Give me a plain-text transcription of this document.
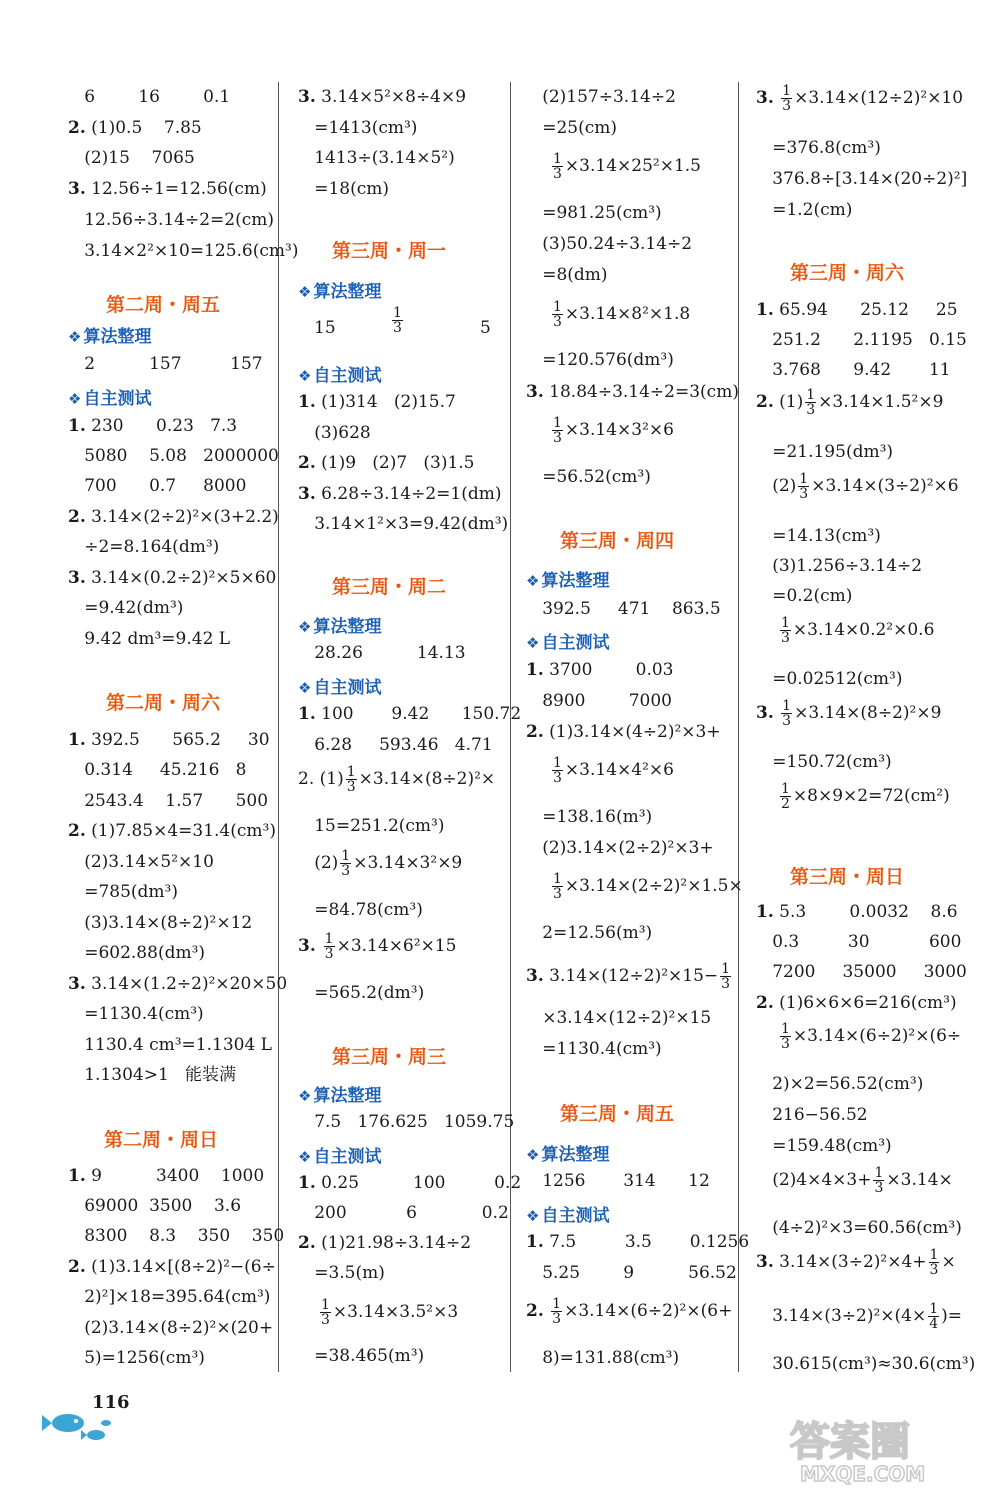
6        16        0.1
2. (1)0.5    7.85
(2)15    7065
3. 12.56÷1=12.56(cm)
12.56÷3.14÷2=2(cm)
3.14×2²×10=125.6(cm³)
第二周・周五
❖ 算法整理
2          157         157
❖ 自主测试
1. 230      0.23   7.3
5080    5.08   2000000
700      0.7     8000
2. 3.14×(2÷2)²×(3+2.2)
÷2=8.164(dm³)
3. 3.14×(0.2÷2)²×5×60
=9.42(dm³)
9.42 dm³=9.42 L
第二周・周六
1. 392.5      565.2     30
0.314     45.216   8
2543.4    1.57      500
2. (1)7.85×4=31.4(cm³)
(2)3.14×5²×10
=785(dm³)
(3)3.14×(8÷2)²×12
=602.88(dm³)
3. 3.14×(1.2÷2)²×20×50
=1130.4(cm³)
1130.4 cm³=1.1304 L
1.1304>1   能装满
第二周・周日
1. 9          3400    1000
69000  3500    3.6
8300    8.3    350    350
2. (1)3.14×[(8÷2)²−(6÷
2)²]×18=395.64(cm³)
(2)3.14×(8÷2)²×(20+
5)=1256(cm³)
3. 3.14×5²×8÷4×9
=1413(cm³)
1413÷(3.14×5²)
=18(cm)
第三周・周一
❖ 算法整理
15	$\frac{1}{3}$	5
❖ 自主测试
1. (1)314   (2)15.7
(3)628
2. (1)9   (2)7   (3)1.5
3. 6.28÷3.14÷2=1(dm)
3.14×1²×3=9.42(dm³)
第三周・周二
❖ 算法整理
28.26          14.13
❖ 自主测试
1. 100       9.42      150.72
6.28     593.46   4.71
2. $(1) \frac{1}{3} \times 3.14\times(8\div 2)^2\times$
15=251.2(cm³)
$(2) \frac{1}{3} \times 3.14\times 3^2\times 9$
=84.78(cm³)
3. $\frac{1}{3} \times 3.14\times 6^2\times 15$
=565.2(dm³)
第三周・周三
❖ 算法整理
7.5   176.625   1059.75
❖ 自主测试
1. 0.25          100         0.2
200           6            0.2
2. (1)21.98÷3.14÷2
=3.5(m)
$\frac{1}{3} \times 3.14\times 3.5^2\times 3$
=38.465(m³)
(2)157÷3.14÷2
=25(cm)
$\frac{1}{3} \times 3.14\times 25^2\times 1.5$
=981.25(cm³)
(3)50.24÷3.14÷2
=8(dm)
$\frac{1}{3} \times 3.14\times 8^2\times 1.8$
=120.576(dm³)
3. 18.84÷3.14÷2=3(cm)
$\frac{1}{3} \times 3.14\times 3^2\times 6$
=56.52(cm³)
第三周・周四
❖ 算法整理
392.5     471    863.5
❖ 自主测试
1. 3700        0.03
8900        7000
2. (1)3.14×(4÷2)²×3+
$\frac{1}{3} \times 3.14\times 4^2\times 6$
=138.16(m³)
(2)3.14×(2÷2)²×3+
$\frac{1}{3} \times 3.14\times(2\div 2)^2\times 1.5\times$
2=12.56(m³)
3. $3.14\times(12\div 2)^2\times 15- \frac{1}{3}$
×3.14×(12÷2)²×15
=1130.4(cm³)
第三周・周五
❖ 算法整理
1256       314      12
❖ 自主测试
1. 7.5         3.5       0.1256
5.25        9          56.52
2. $\frac{1}{3} \times 3.14\times(6\div 2)^2\times(6+$
8)=131.88(cm³)
3. $\frac{1}{3} \times 3.14\times(12\div 2)^2\times 10$
=376.8(cm³)
376.8÷[3.14×(20÷2)²]
=1.2(cm)
第三周・周六
1. 65.94      25.12     25
251.2      2.1195   0.15
3.768      9.42       11
2. $(1) \frac{1}{3} \times 3.14\times 1.5^2\times 9$
=21.195(dm³)
$(2) \frac{1}{3} \times 3.14\times(3\div 2)^2\times 6$
=14.13(cm³)
(3)1.256÷3.14÷2
=0.2(cm)
$\frac{1}{3} \times 3.14\times 0.2^2\times 0.6$
=0.02512(cm³)
3. $\frac{1}{3} \times 3.14\times(8\div 2)^2\times 9$
=150.72(cm³)
$\frac{1}{2} \times 8\times 9\times 2=72(cm^2)$
第三周・周日
1. 5.3        0.0032    8.6
0.3         30           600
7200     35000     3000
2. (1)6×6×6=216(cm³)
$\frac{1}{3} \times 3.14\times(6\div 2)^2\times(6\div$
2)×2=56.52(cm³)
216−56.52
=159.48(cm³)
$(2)4\times 4\times 3+ \frac{1}{3} \times 3.14\times$
(4÷2)²×3=60.56(cm³)
3. $3.14\times(3\div 2)^2\times 4+ \frac{1}{3}$ ×
$3.14\times(3\div 2)^2\times(4\times \frac{1}{4}$ )=
30.615(cm³)≈30.6(cm³)
116
答案圈
MXQE.COM
